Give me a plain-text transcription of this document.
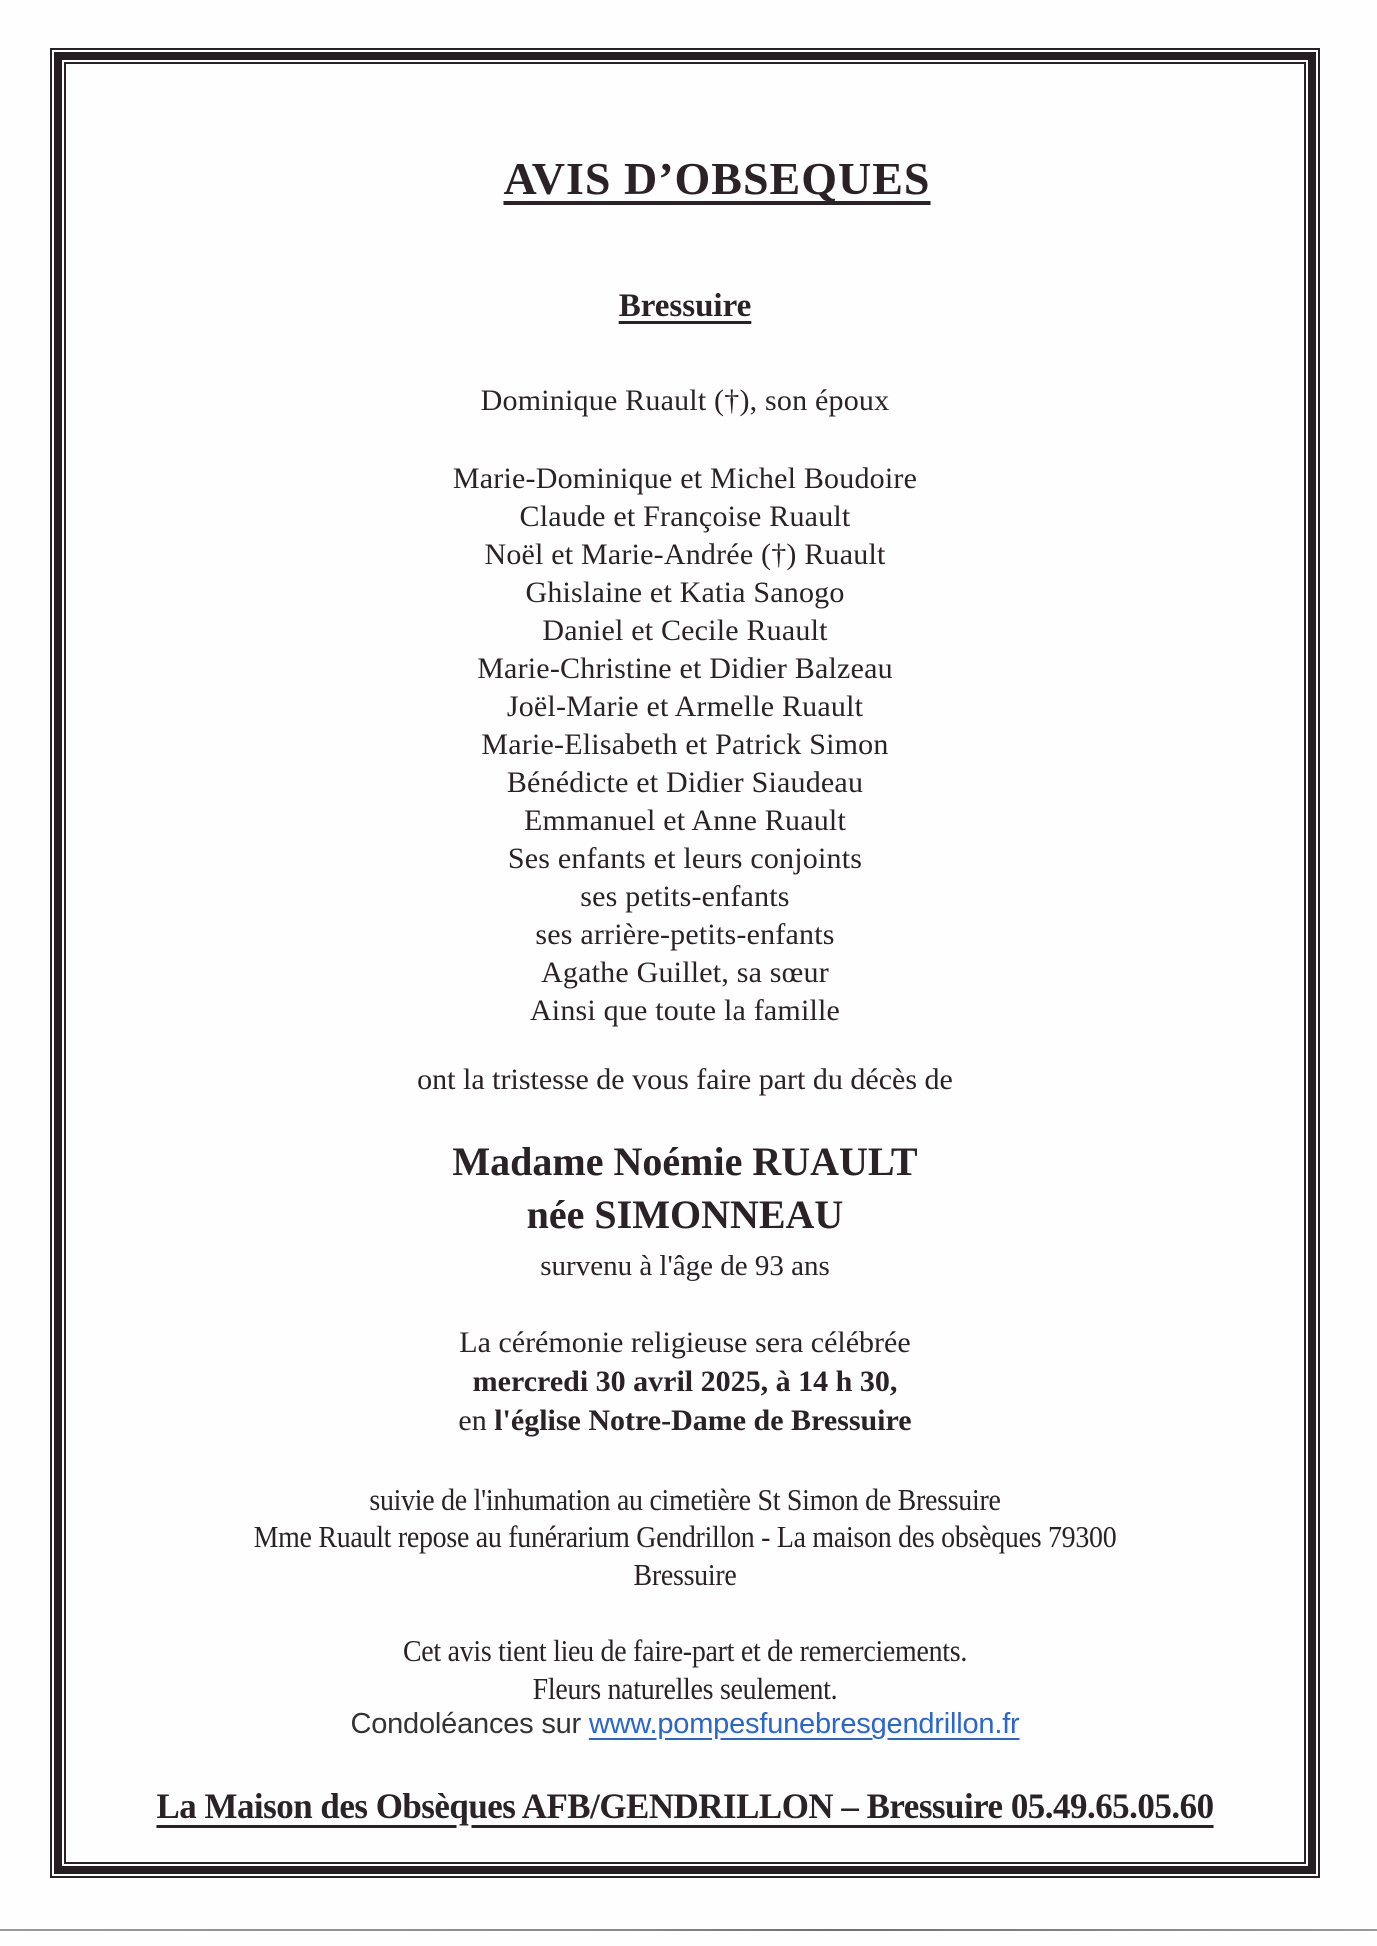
AVIS D’OBSEQUES
Bressuire
Dominique Ruault (†), son époux
Marie-Dominique et Michel Boudoire
Claude et Françoise Ruault
Noël et Marie-Andrée (†) Ruault
Ghislaine et Katia Sanogo
Daniel et Cecile Ruault
Marie-Christine et Didier Balzeau
Joël-Marie et Armelle Ruault
Marie-Elisabeth et Patrick Simon
Bénédicte et Didier Siaudeau
Emmanuel et Anne Ruault
Ses enfants et leurs conjoints
ses petits-enfants
ses arrière-petits-enfants
Agathe Guillet, sa sœur
Ainsi que toute la famille
ont la tristesse de vous faire part du décès de
Madame Noémie RUAULT
née SIMONNEAU
survenu à l'âge de 93 ans
La cérémonie religieuse sera célébrée
mercredi 30 avril 2025, à 14 h 30,
en l'église Notre-Dame de Bressuire
suivie de l'inhumation au cimetière St Simon de Bressuire
Mme Ruault repose au funérarium Gendrillon - La maison des obsèques 79300
Bressuire
Cet avis tient lieu de faire-part et de remerciements.
Fleurs naturelles seulement.
Condoléances sur www.pompesfunebresgendrillon.fr
La Maison des Obsèques AFB/GENDRILLON – Bressuire 05.49.65.05.60
